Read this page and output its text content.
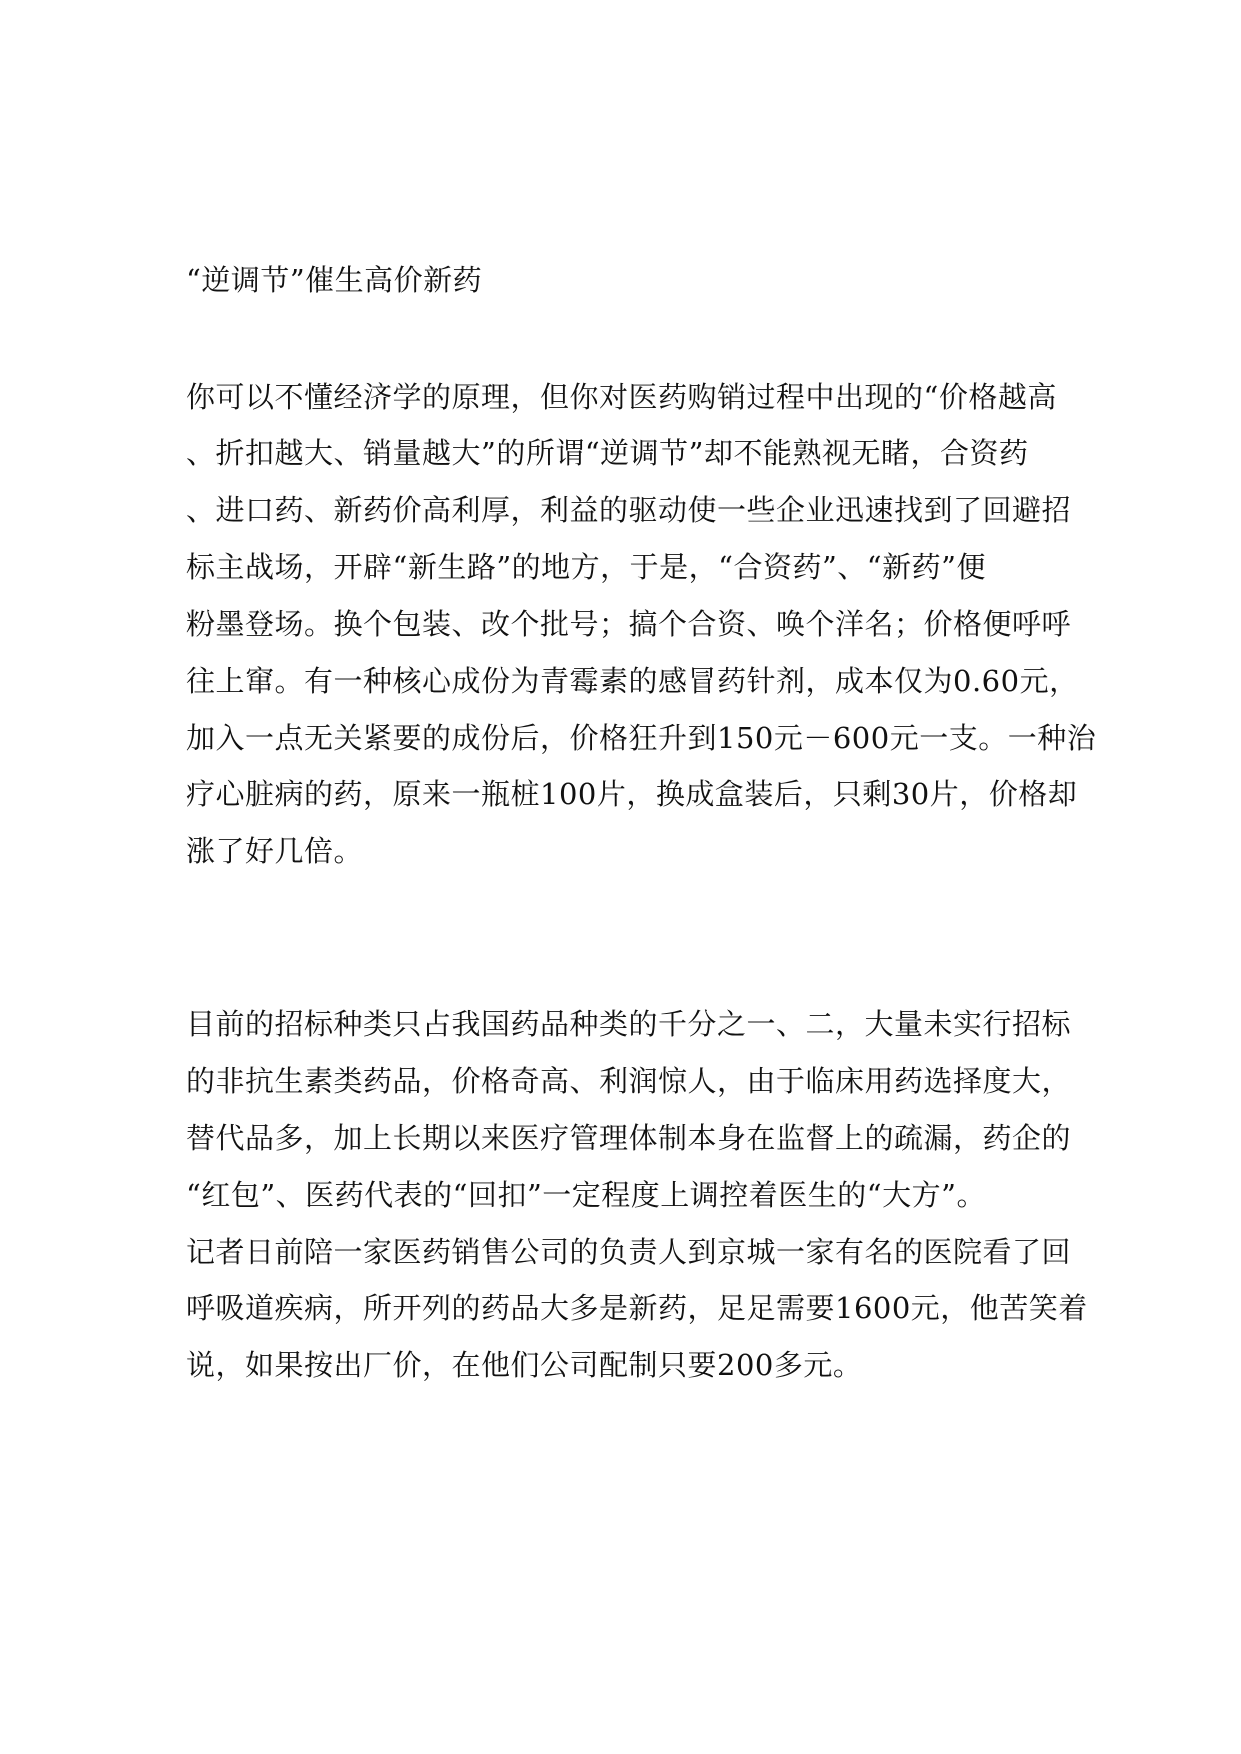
“逆调节”催生高价新药

你可以不懂经济学的原理，但你对医药购销过程中出现的“价格越高

、折扣越大、销量越大”的所谓“逆调节”却不能熟视无睹，合资药

、进口药、新药价高利厚，利益的驱动使一些企业迅速找到了回避招

标主战场，开辟“新生路”的地方，于是，“合资药”、“新药”便

粉墨登场。换个包装、改个批号；搞个合资、唤个洋名；价格便呼呼

往上窜。有一种核心成份为青霉素的感冒药针剂，成本仅为0.60元，

加入一点无关紧要的成份后，价格狂升到150元－600元一支。一种治

疗心脏病的药，原来一瓶桩100片，换成盒装后，只剩30片，价格却

涨了好几倍。

目前的招标种类只占我国药品种类的千分之一、二，大量未实行招标

的非抗生素类药品，价格奇高、利润惊人，由于临床用药选择度大，

替代品多，加上长期以来医疗管理体制本身在监督上的疏漏，药企的

“红包”、医药代表的“回扣”一定程度上调控着医生的“大方”。

记者日前陪一家医药销售公司的负责人到京城一家有名的医院看了回

呼吸道疾病，所开列的药品大多是新药，足足需要1600元，他苦笑着

说，如果按出厂价，在他们公司配制只要200多元。
